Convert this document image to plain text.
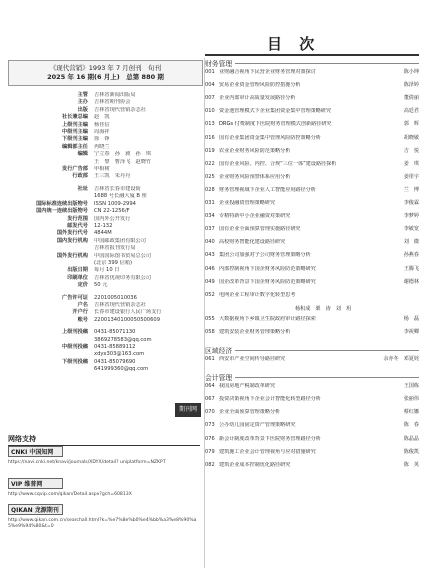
目 次
财务管理
001 业财融合视角下民营企业财务管理对策探讨	陈小坤
004 贸易企业资金管理风险防控措施分析	陈泽婷
007 企业内部审计高质量发展路径分析	董倩丽
010 资金池管理模式下企业集团资金集中管理策略研究	高廷君
013 DRGs 付费制度下医院财务管理模式创新路径研究	郭　辉
016 国有企业集团资金集中管理风险防控策略分析	胡晓敏
019 农业企业财务风险防范策略分析	吉　悦
022 国有企业风险、内控、合规“三位一体”建设路径探析	姜　琪
025 企业财务风险预警体系应用分析	姜彤宇
028 财务管理视域下企业人工智能应用路径分析	兰　博
031 企业投融资管理策略研究	李俊霖
034 专精特新中小企业融资对策研究	李梦婷
037 国有企业全面预算管理实施路径研究	李敏宽
040 高校财务智能化建设路径研究	刘　微
043 集团公司加强对子公司财务管理策略分析	孙燕春
046 内部控制视角下国企财务风险防范策略研究	王腾飞
049 国企改革背景下国企财务风险防范策略研究	谢德林
052 电网企业工程审计数字化转型思考
杨积成　栗　涛　刘　玥
055 大数据视角下乡镇卫生院政府审计路径探索	杨　磊
058 建筑安装企业财务管理策略分析	李祝卿
区域经济
061 西安市产业空间传导路径研究	余亦冬　邓夏姹
会计管理
064 我国房地产税制改革研究	王国栋
067 投资决策视角下企业会计智能化转型路径分析	张丽伟
070 企业全面预算管理策略分析	蔡红娜
073 公办幼儿园固定资产管理策略研究	陈　春
076 新会计制度改革背景下医院财务管理路径分析	陈晶晶
079 建筑施工企业会计管理视角与应对措施研究	陈俊凯
082 建筑企业成本控制优化路径研究	陈　英
《现代营销》1993 年 7 月创刊　旬刊
2025 年 16 期(6 月上)　总第 880 期
主管	吉林省新闻出版局
主办	吉林省期刊协会
出版	吉林省现代营销杂志社
社长兼总编	赵　凯
上级刊主编	杨佳信
中级刊主编	周海祥
下级刊主编	徐　铮
编辑部主任	冉晓兰
编辑	宁立春　孙　昶　孙　琪
王　黎　曹泽飞　赵晓竹
发行广告部	申相树
行政部	王三凯　朱丹丹
社址	吉林省长春市建设街
1688 号长融大厦 B 座
国际标准连续出版物号	ISSN 1009-2994
国内统一连续出版物号	CN 22-1256/F
发行范围	国内外公开发行
邮发代号	12-132
国外发行代号	4844M
国内发行机构	中国邮政集团有限公司
吉林省报刊发行局
国外发行机构	中国国际图书贸易总公司
(北京 399 信箱)
出版日期	每月 10 日
印刷单位	吉林省优视印务有限公司
定价	50 元
广告许可证	2201005010036
户名	吉林省现代营销杂志社
开户行	长春市建设银行人民广场支行
账号	22001340100050500609
上级刊投稿	0431-85071130
3869278583@qq.com
中级刊投稿	0431-85889112
xdyx303@163.com
下级刊投稿	0431-85079690
641999360@qq.com
期刊网
网络支持
CNKI 中国知网
https://navi.cnki.net/knavi/journals/XDYX/detail? uniplatform=NZKPT
VIP 维普网
http://www.cqvip.com/qikan/Detail.aspx?gch=60813X
QIKAN 龙源期刊
http://www.qikan.com.cn/searchall.html?k=%e7%8e%b0%e4%bb%a3%e8%90%a5%e9%94%80&t=0
